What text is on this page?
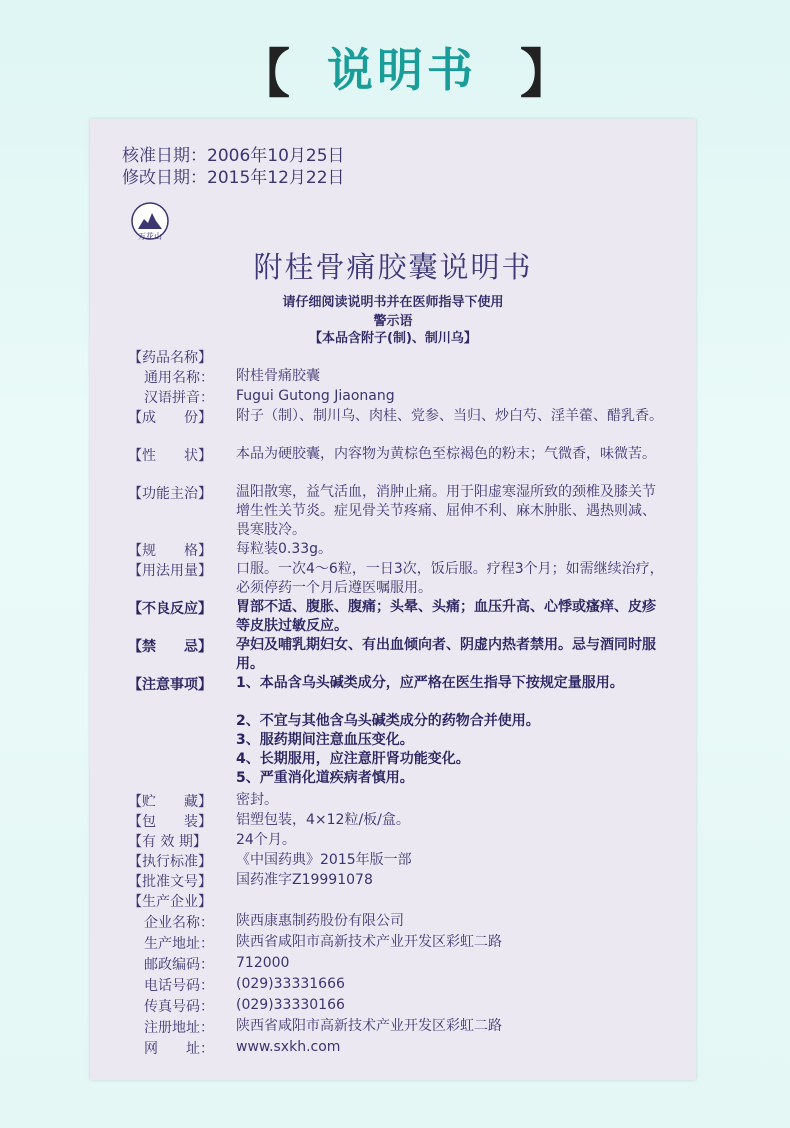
【 说明书 】
核准日期：2006年10月25日
修改日期：2015年12月22日
万花山
附桂骨痛胶囊说明书
请仔细阅读说明书并在医师指导下使用
警示语
【本品含附子(制)、制川乌】
【药品名称】
通用名称： 附桂骨痛胶囊
汉语拼音： Fugui Gutong Jiaonang
【成　　份】 附子（制）、制川乌、肉桂、党参、当归、炒白芍、淫羊藿、醋乳香。
【性　　状】 本品为硬胶囊，内容物为黄棕色至棕褐色的粉末；气微香，味微苦。
【功能主治】 温阳散寒，益气活血，消肿止痛。用于阳虚寒湿所致的颈椎及膝关节增生性关节炎。症见骨关节疼痛、屈伸不利、麻木肿胀、遇热则减、畏寒肢冷。
【规　　格】 每粒装0.33g。
【用法用量】 口服。一次4～6粒，一日3次，饭后服。疗程3个月；如需继续治疗，必须停药一个月后遵医嘱服用。
【不良反应】 胃部不适、腹胀、腹痛；头晕、头痛；血压升高、心悸或瘙痒、皮疹等皮肤过敏反应。
【禁　　忌】 孕妇及哺乳期妇女、有出血倾向者、阴虚内热者禁用。忌与酒同时服用。
【注意事项】 1、本品含乌头碱类成分，应严格在医生指导下按规定量服用。
2、不宜与其他含乌头碱类成分的药物合并使用。
3、服药期间注意血压变化。
4、长期服用，应注意肝肾功能变化。
5、严重消化道疾病者慎用。
【贮　　藏】 密封。
【包　　装】 铝塑包装，4×12粒/板/盒。
【有 效 期】 24个月。
【执行标准】 《中国药典》2015年版一部
【批准文号】 国药准字Z19991078
【生产企业】
企业名称： 陕西康惠制药股份有限公司
生产地址： 陕西省咸阳市高新技术产业开发区彩虹二路
邮政编码： 712000
电话号码： (029)33331666
传真号码： (029)33330166
注册地址： 陕西省咸阳市高新技术产业开发区彩虹二路
网　　址： www.sxkh.com
